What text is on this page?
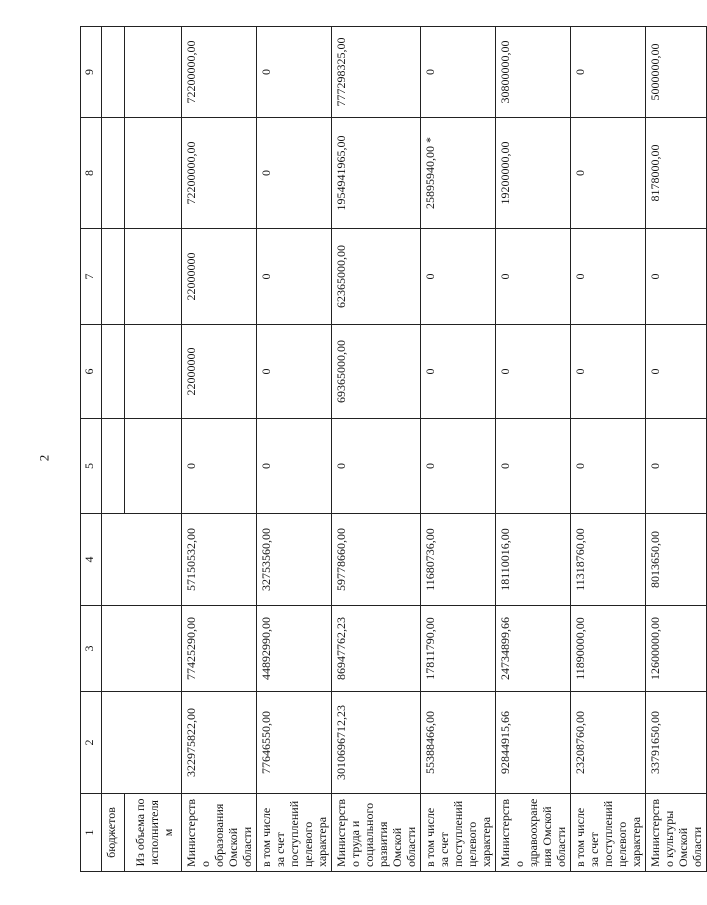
2
1	2	3	4	5	6	7	8	9
бюджетов								
Из объема по исполнителям								
Министерство образования Омской области	322975822,00	77425290,00	57150532,00	0	22000000	22000000	72200000,00	72200000,00
в том числе за счет поступлений целевого характера	77646550,00	44892990,00	32753560,00	0	0	0	0	0
Министерство труда и социального развития Омской области	3010696712,23	86947762,23	59778660,00	0	69365000,00	62365000,00	1954941965,00	777298325,00
в том числе за счет поступлений целевого характера	55388466,00	17811790,00	11680736,00	0	0	0	25895940,00 *	0
Министерство здравоохранения Омской области	92844915,66	24734899,66	18110016,00	0	0	0	19200000,00	30800000,00
в том числе за счет поступлений целевого характера	23208760,00	11890000,00	11318760,00	0	0	0	0	0
Министерство культуры Омской области	33791650,00	12600000,00	8013650,00	0	0	0	8178000,00	5000000,00
